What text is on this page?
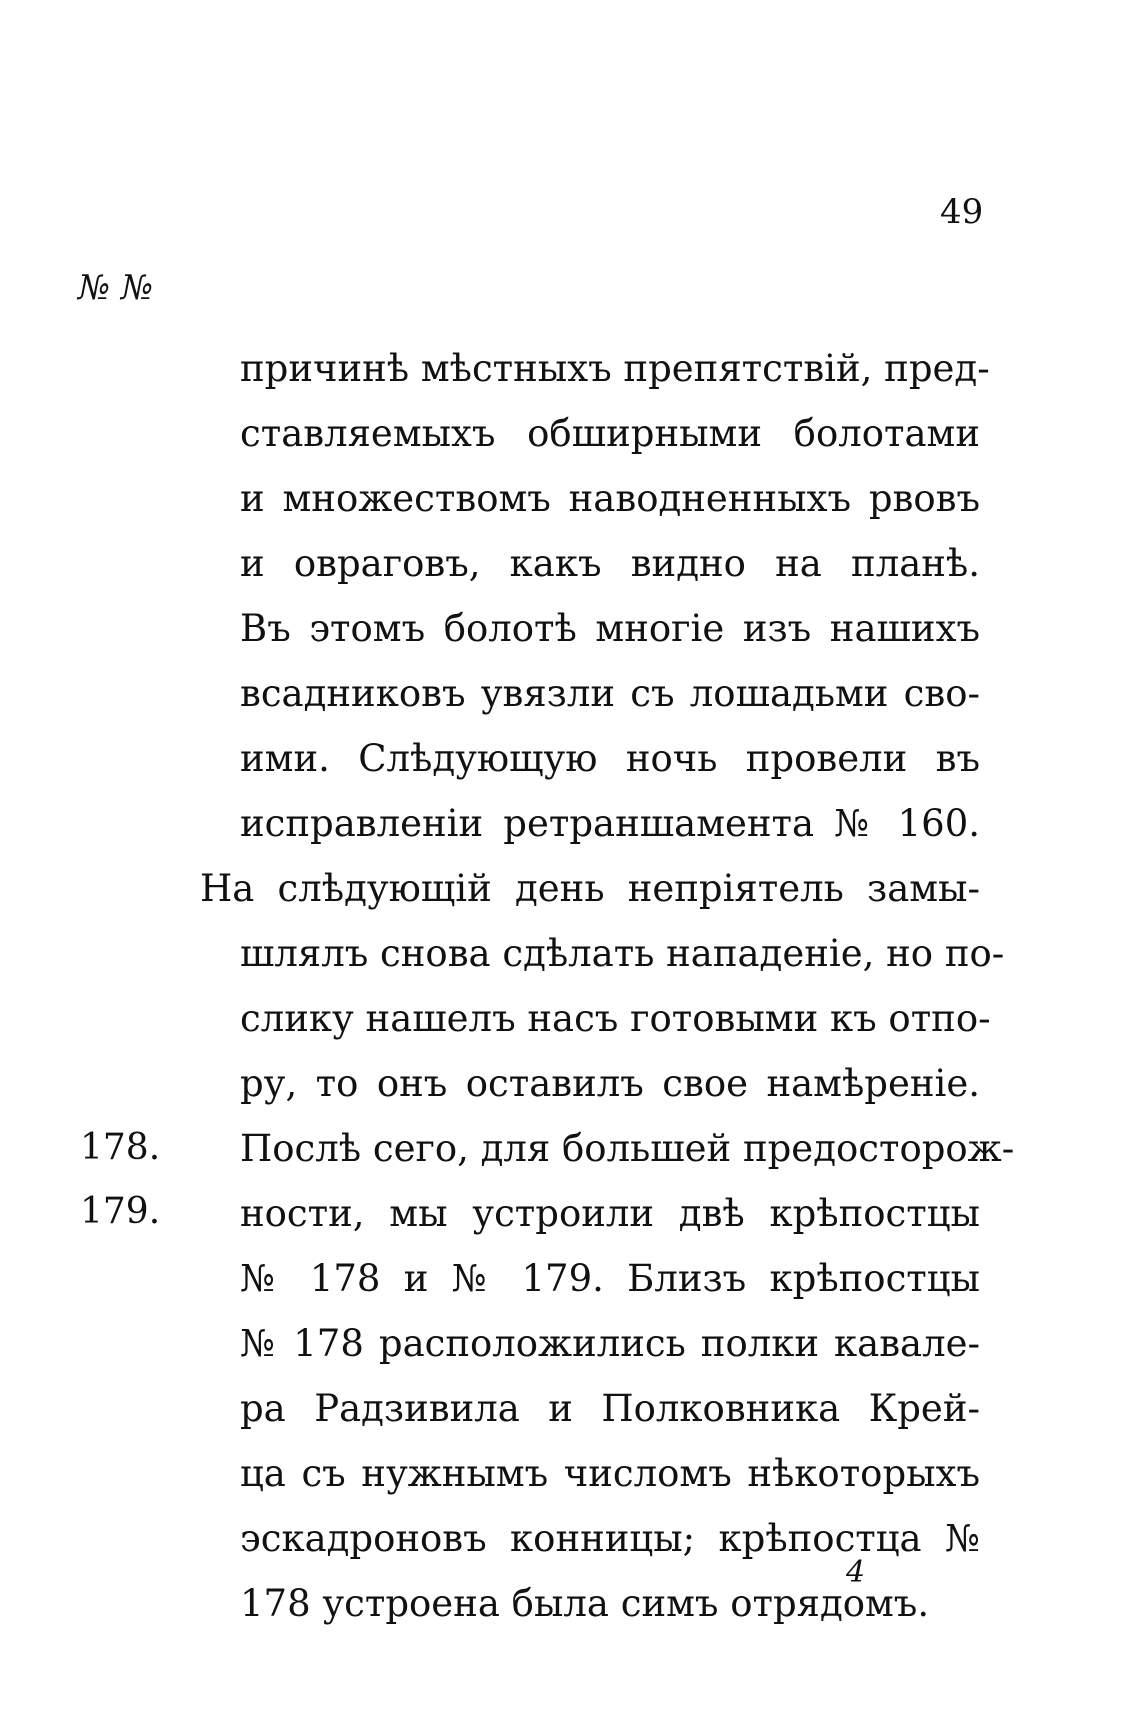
49
№ №
178.
179.
причинѣ мѣстныхъ препятствій, пред-
ставляемыхъ обширными болотами
и множествомъ наводненныхъ рвовъ
и овраговъ, какъ видно на планѣ.
Въ этомъ болотѣ многіе изъ нашихъ
всадниковъ увязли съ лошадьми сво-
ими. Слѣдующую ночь провели въ
исправленіи ретраншамента № 160.
На слѣдующій день непріятель замы-
шлялъ снова сдѣлать нападеніе, но по-
слику нашелъ насъ готовыми къ отпо-
ру, то онъ оставилъ свое намѣреніе.
Послѣ сего, для большей предосторож-
ности, мы устроили двѣ крѣпостцы
№ 178 и № 179. Близъ крѣпостцы
№ 178 расположились полки кавале-
ра Радзивила и Полковника Крей-
ца съ нужнымъ числомъ нѣкоторыхъ
эскадроновъ конницы; крѣпостца №
178 устроена была симъ отрядомъ.
4
